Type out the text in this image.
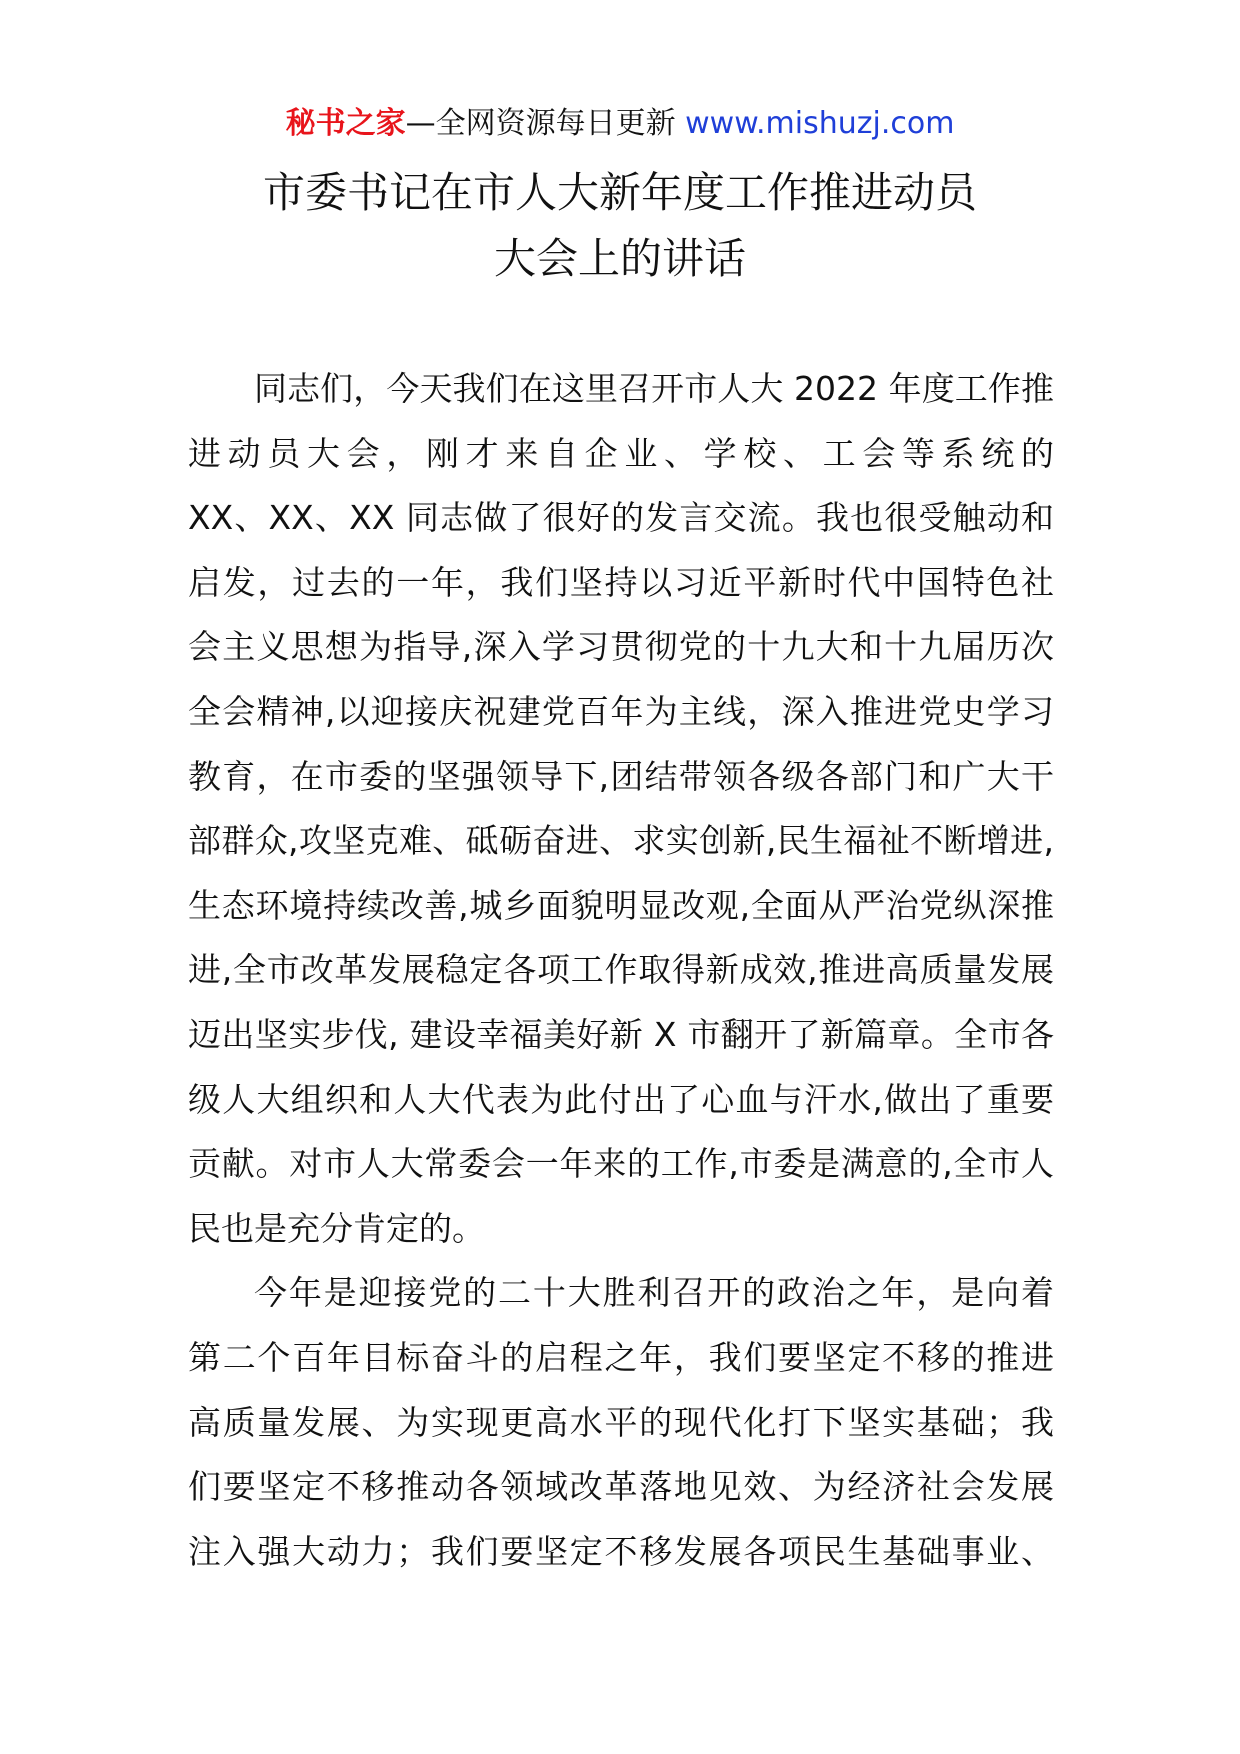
秘书之家—全网资源每日更新 www.mishuzj.com
市委书记在市人大新年度工作推进动员
大会上的讲话
同志们，今天我们在这里召开市人大 2022 年度工作推
进动员大会，刚才来自企业、学校、工会等系统的
XX、XX、XX 同志做了很好的发言交流。我也很受触动和
启发，过去的一年，我们坚持以习近平新时代中国特色社
会主义思想为指导,深入学习贯彻党的十九大和十九届历次
全会精神,以迎接庆祝建党百年为主线，深入推进党史学习
教育，在市委的坚强领导下,团结带领各级各部门和广大干
部群众,攻坚克难、砥砺奋进、求实创新,民生福祉不断增进,
生态环境持续改善,城乡面貌明显改观,全面从严治党纵深推
进,全市改革发展稳定各项工作取得新成效,推进高质量发展
迈出坚实步伐, 建设幸福美好新 X 市翻开了新篇章。全市各
级人大组织和人大代表为此付出了心血与汗水,做出了重要
贡献。对市人大常委会一年来的工作,市委是满意的,全市人
民也是充分肯定的。
今年是迎接党的二十大胜利召开的政治之年，是向着
第二个百年目标奋斗的启程之年，我们要坚定不移的推进
高质量发展、为实现更高水平的现代化打下坚实基础；我
们要坚定不移推动各领域改革落地见效、为经济社会发展
注入强大动力；我们要坚定不移发展各项民生基础事业、
